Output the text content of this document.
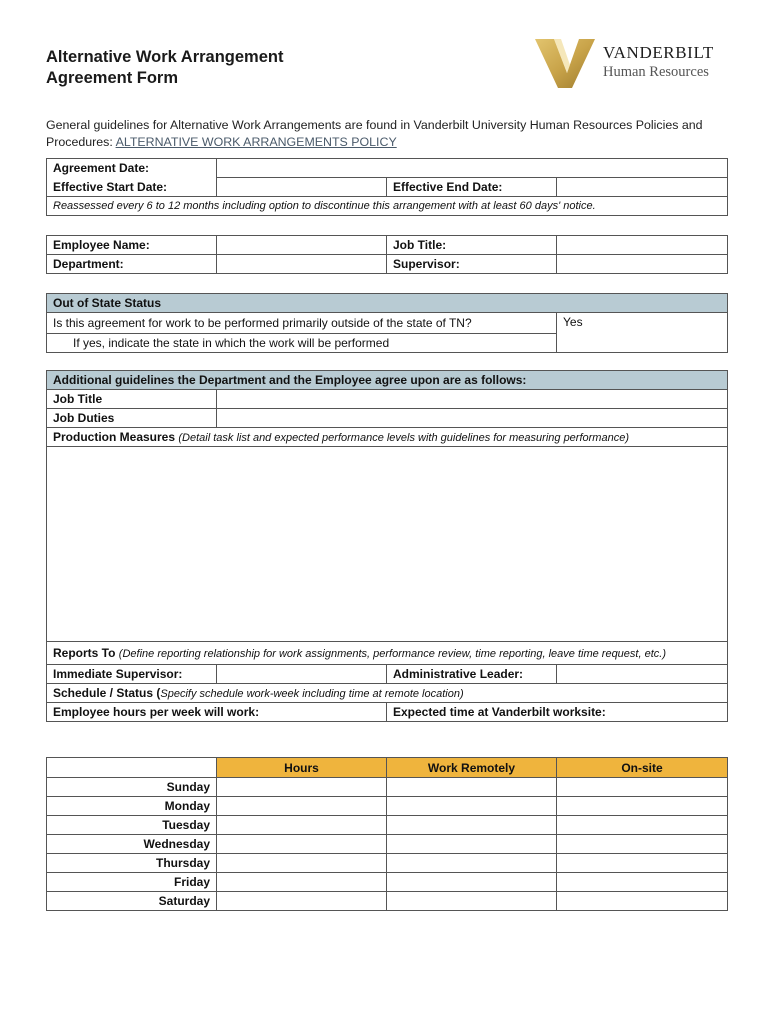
Alternative Work Arrangement
Agreement Form
VANDERBILT
Human Resources
General guidelines for Alternative Work Arrangements are found in Vanderbilt University Human Resources Policies and Procedures: ALTERNATIVE WORK ARRANGEMENTS POLICY
Agreement Date:			
Effective Start Date:		Effective End Date:	
Reassessed every 6 to 12 months including option to discontinue this arrangement with at least 60 days' notice.			
Employee Name:		Job Title:	
Department:		Supervisor:	
Out of State Status
Is this agreement for work to be performed primarily outside of the state of TN?	Yes
If yes, indicate the state in which the work will be performed
Additional guidelines the Department and the Employee agree upon are as follows:			
Job Title			
Job Duties			
Production Measures (Detail task list and expected performance levels with guidelines for measuring performance)			

Reports To (Define reporting relationship for work assignments, performance review, time reporting, leave time request, etc.)			
Immediate Supervisor:		Administrative Leader:	
Schedule / Status (Specify schedule work-week including time at remote location)			
Employee hours per week will work:		Expected time at Vanderbilt worksite:	
	Hours	Work Remotely	On-site
Sunday			
Monday			
Tuesday			
Wednesday			
Thursday			
Friday			
Saturday			
